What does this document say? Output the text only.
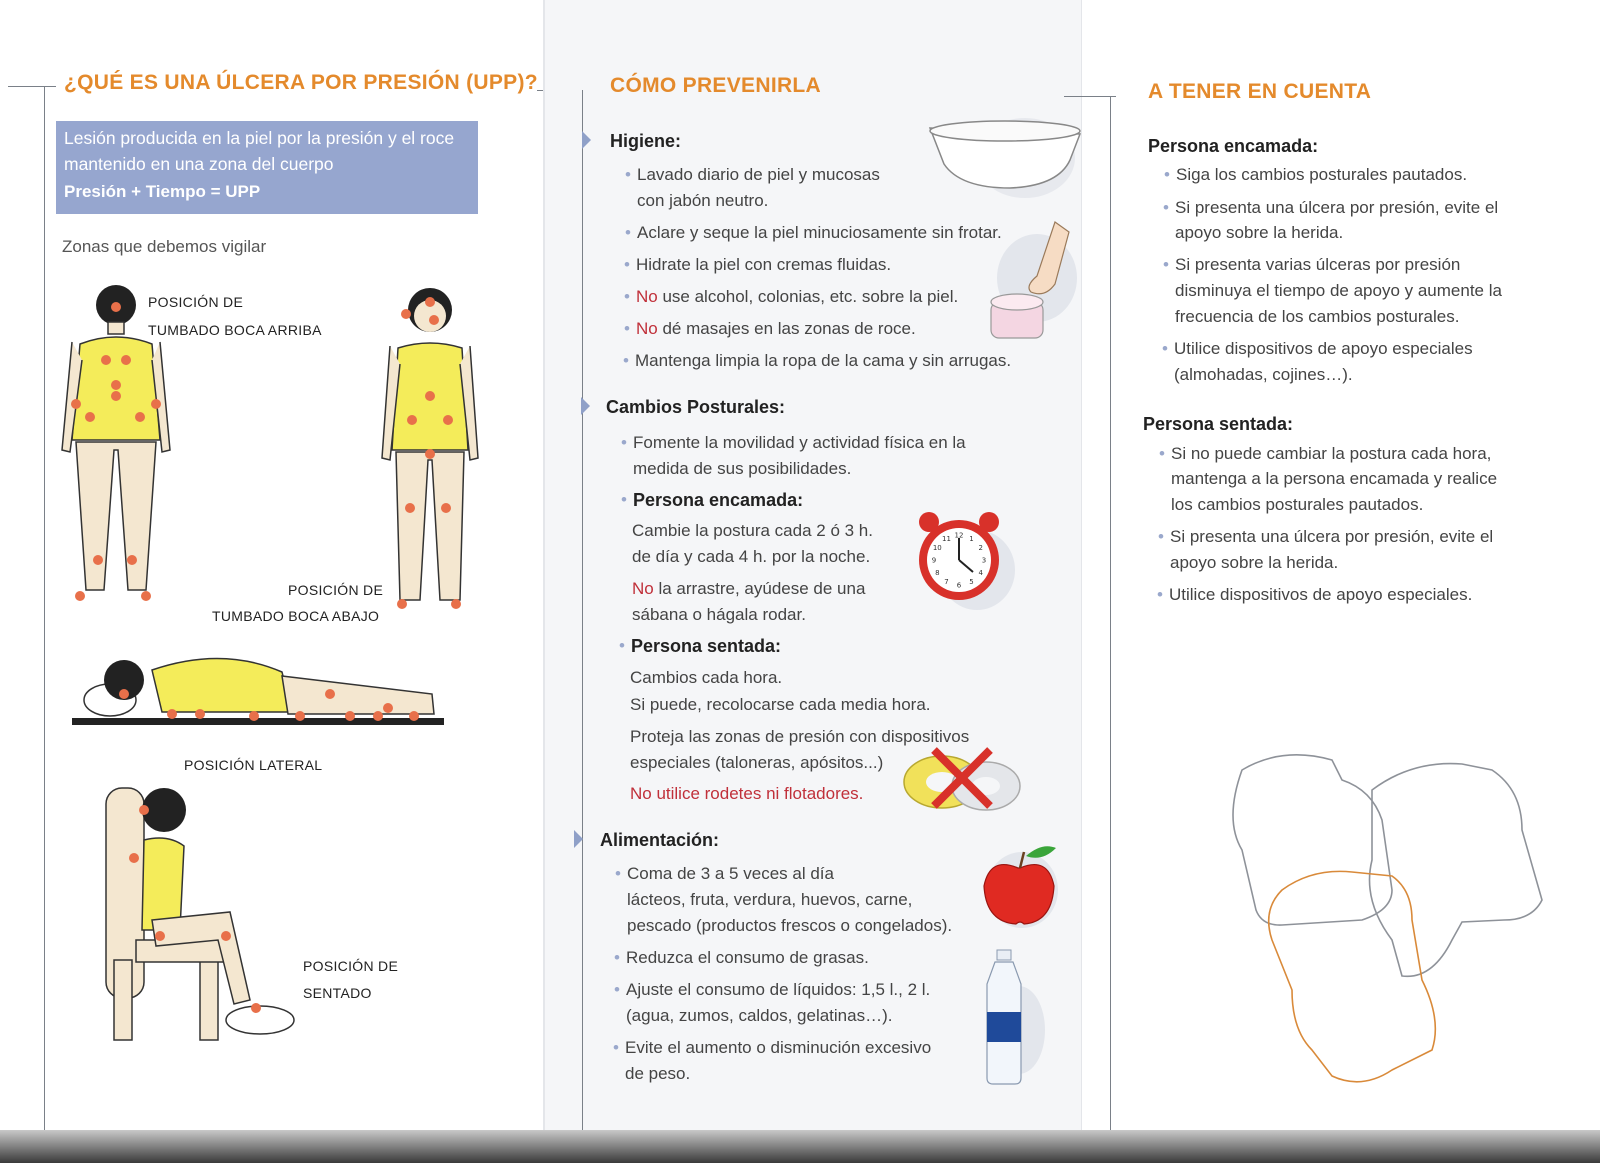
¿QUÉ ES UNA ÚLCERA POR PRESIÓN (UPP)?
Lesión producida en la piel por la presión y el roce mantenido en una zona del cuerpo
Presión + Tiempo = UPP
Zonas que debemos vigilar
POSICIÓN DE
TUMBADO BOCA ARRIBA
POSICIÓN DE
TUMBADO BOCA ABAJO
POSICIÓN LATERAL
POSICIÓN DE
SENTADO
CÓMO PREVENIRLA
Higiene:
• Lavado diario de piel y mucosas
con jabón neutro.
• Aclare y seque la piel minuciosamente sin frotar.
• Hidrate la piel con cremas fluidas.
• No use alcohol, colonias, etc. sobre la piel.
• No dé masajes en las zonas de roce.
• Mantenga limpia la ropa de la cama y sin arrugas.
Cambios Posturales:
• Fomente la movilidad y actividad física en la
medida de sus posibilidades.
• Persona encamada:
Cambie la postura cada 2 ó 3 h.
de día y cada 4 h. por la noche.
No la arrastre, ayúdese de una
sábana o hágala rodar.
12 1
2
3
4
5
6
7
8
9
10
11
• Persona sentada:
Cambios cada hora.
Si puede, recolocarse cada media hora.
Proteja las zonas de presión con dispositivos
especiales (taloneras, apósitos...)
No utilice rodetes ni flotadores.
Alimentación:
• Coma de 3 a 5 veces al día
lácteos, fruta, verdura, huevos, carne,
pescado (productos frescos o congelados).
• Reduzca el consumo de grasas.
• Ajuste el consumo de líquidos: 1,5 l., 2 l.
(agua, zumos, caldos, gelatinas…).
• Evite el aumento o disminución excesivo
de peso.
A TENER EN CUENTA
Persona encamada:
• Siga los cambios posturales pautados.
• Si presenta una úlcera por presión, evite el
apoyo sobre la herida.
• Si presenta varias úlceras por presión
disminuya el tiempo de apoyo y aumente la
frecuencia de los cambios posturales.
• Utilice dispositivos de apoyo especiales
(almohadas, cojines…).
Persona sentada:
• Si no puede cambiar la postura cada hora,
mantenga a la persona encamada y realice
los cambios posturales pautados.
• Si presenta una úlcera por presión, evite el
apoyo sobre la herida.
• Utilice dispositivos de apoyo especiales.
